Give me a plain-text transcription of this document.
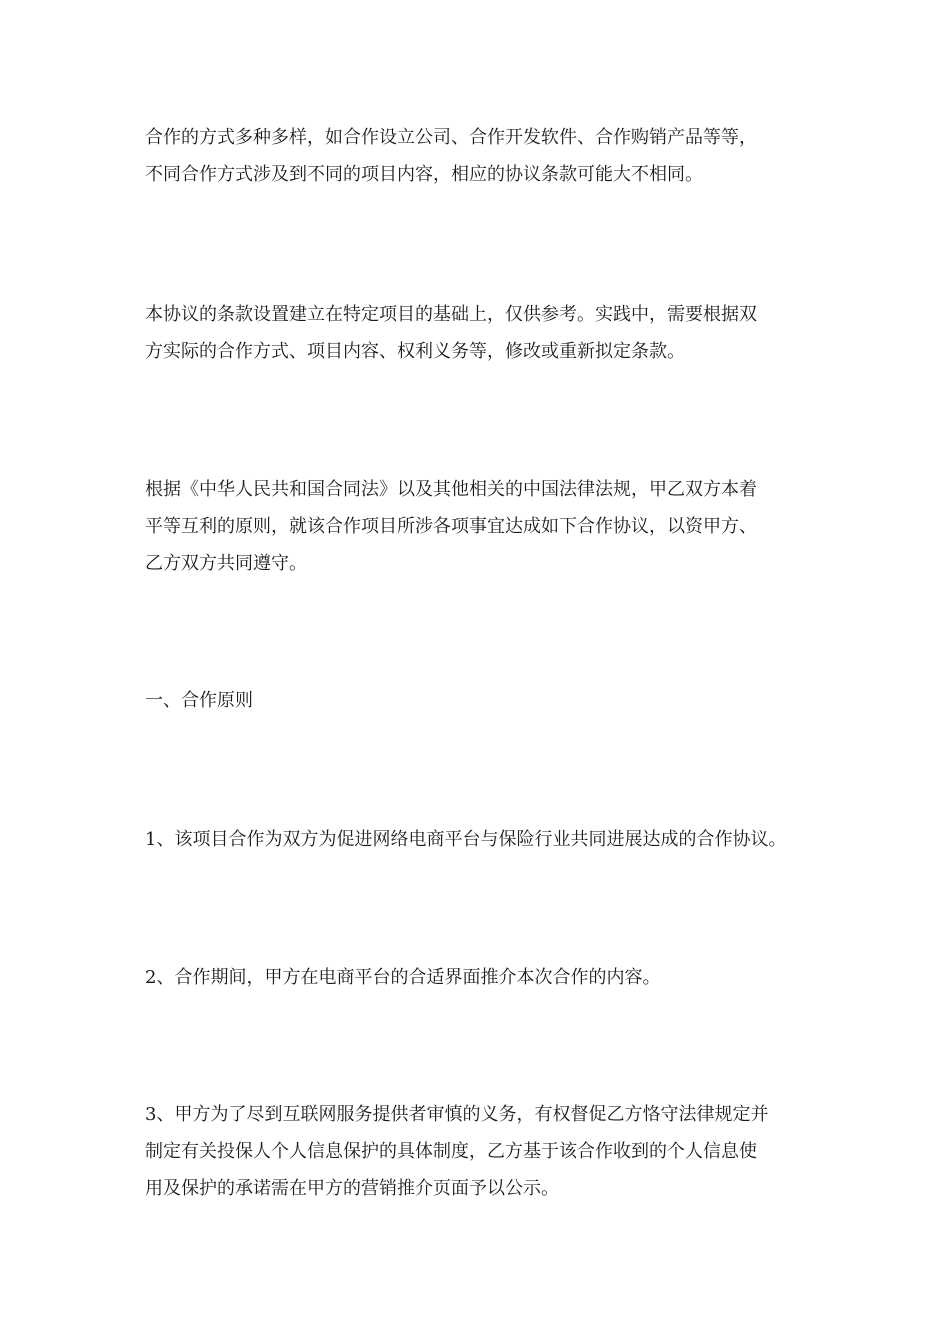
合作的方式多种多样，如合作设立公司、合作开发软件、合作购销产品等等，
不同合作方式涉及到不同的项目内容，相应的协议条款可能大不相同。

本协议的条款设置建立在特定项目的基础上，仅供参考。实践中，需要根据双
方实际的合作方式、项目内容、权利义务等，修改或重新拟定条款。

根据《中华人民共和国合同法》以及其他相关的中国法律法规，甲乙双方本着
平等互利的原则，就该合作项目所涉各项事宜达成如下合作协议，以资甲方、
乙方双方共同遵守。

一、合作原则

1、该项目合作为双方为促进网络电商平台与保险行业共同进展达成的合作协议。

2、合作期间，甲方在电商平台的合适界面推介本次合作的内容。

3、甲方为了尽到互联网服务提供者审慎的义务，有权督促乙方恪守法律规定并
制定有关投保人个人信息保护的具体制度，乙方基于该合作收到的个人信息使
用及保护的承诺需在甲方的营销推介页面予以公示。
